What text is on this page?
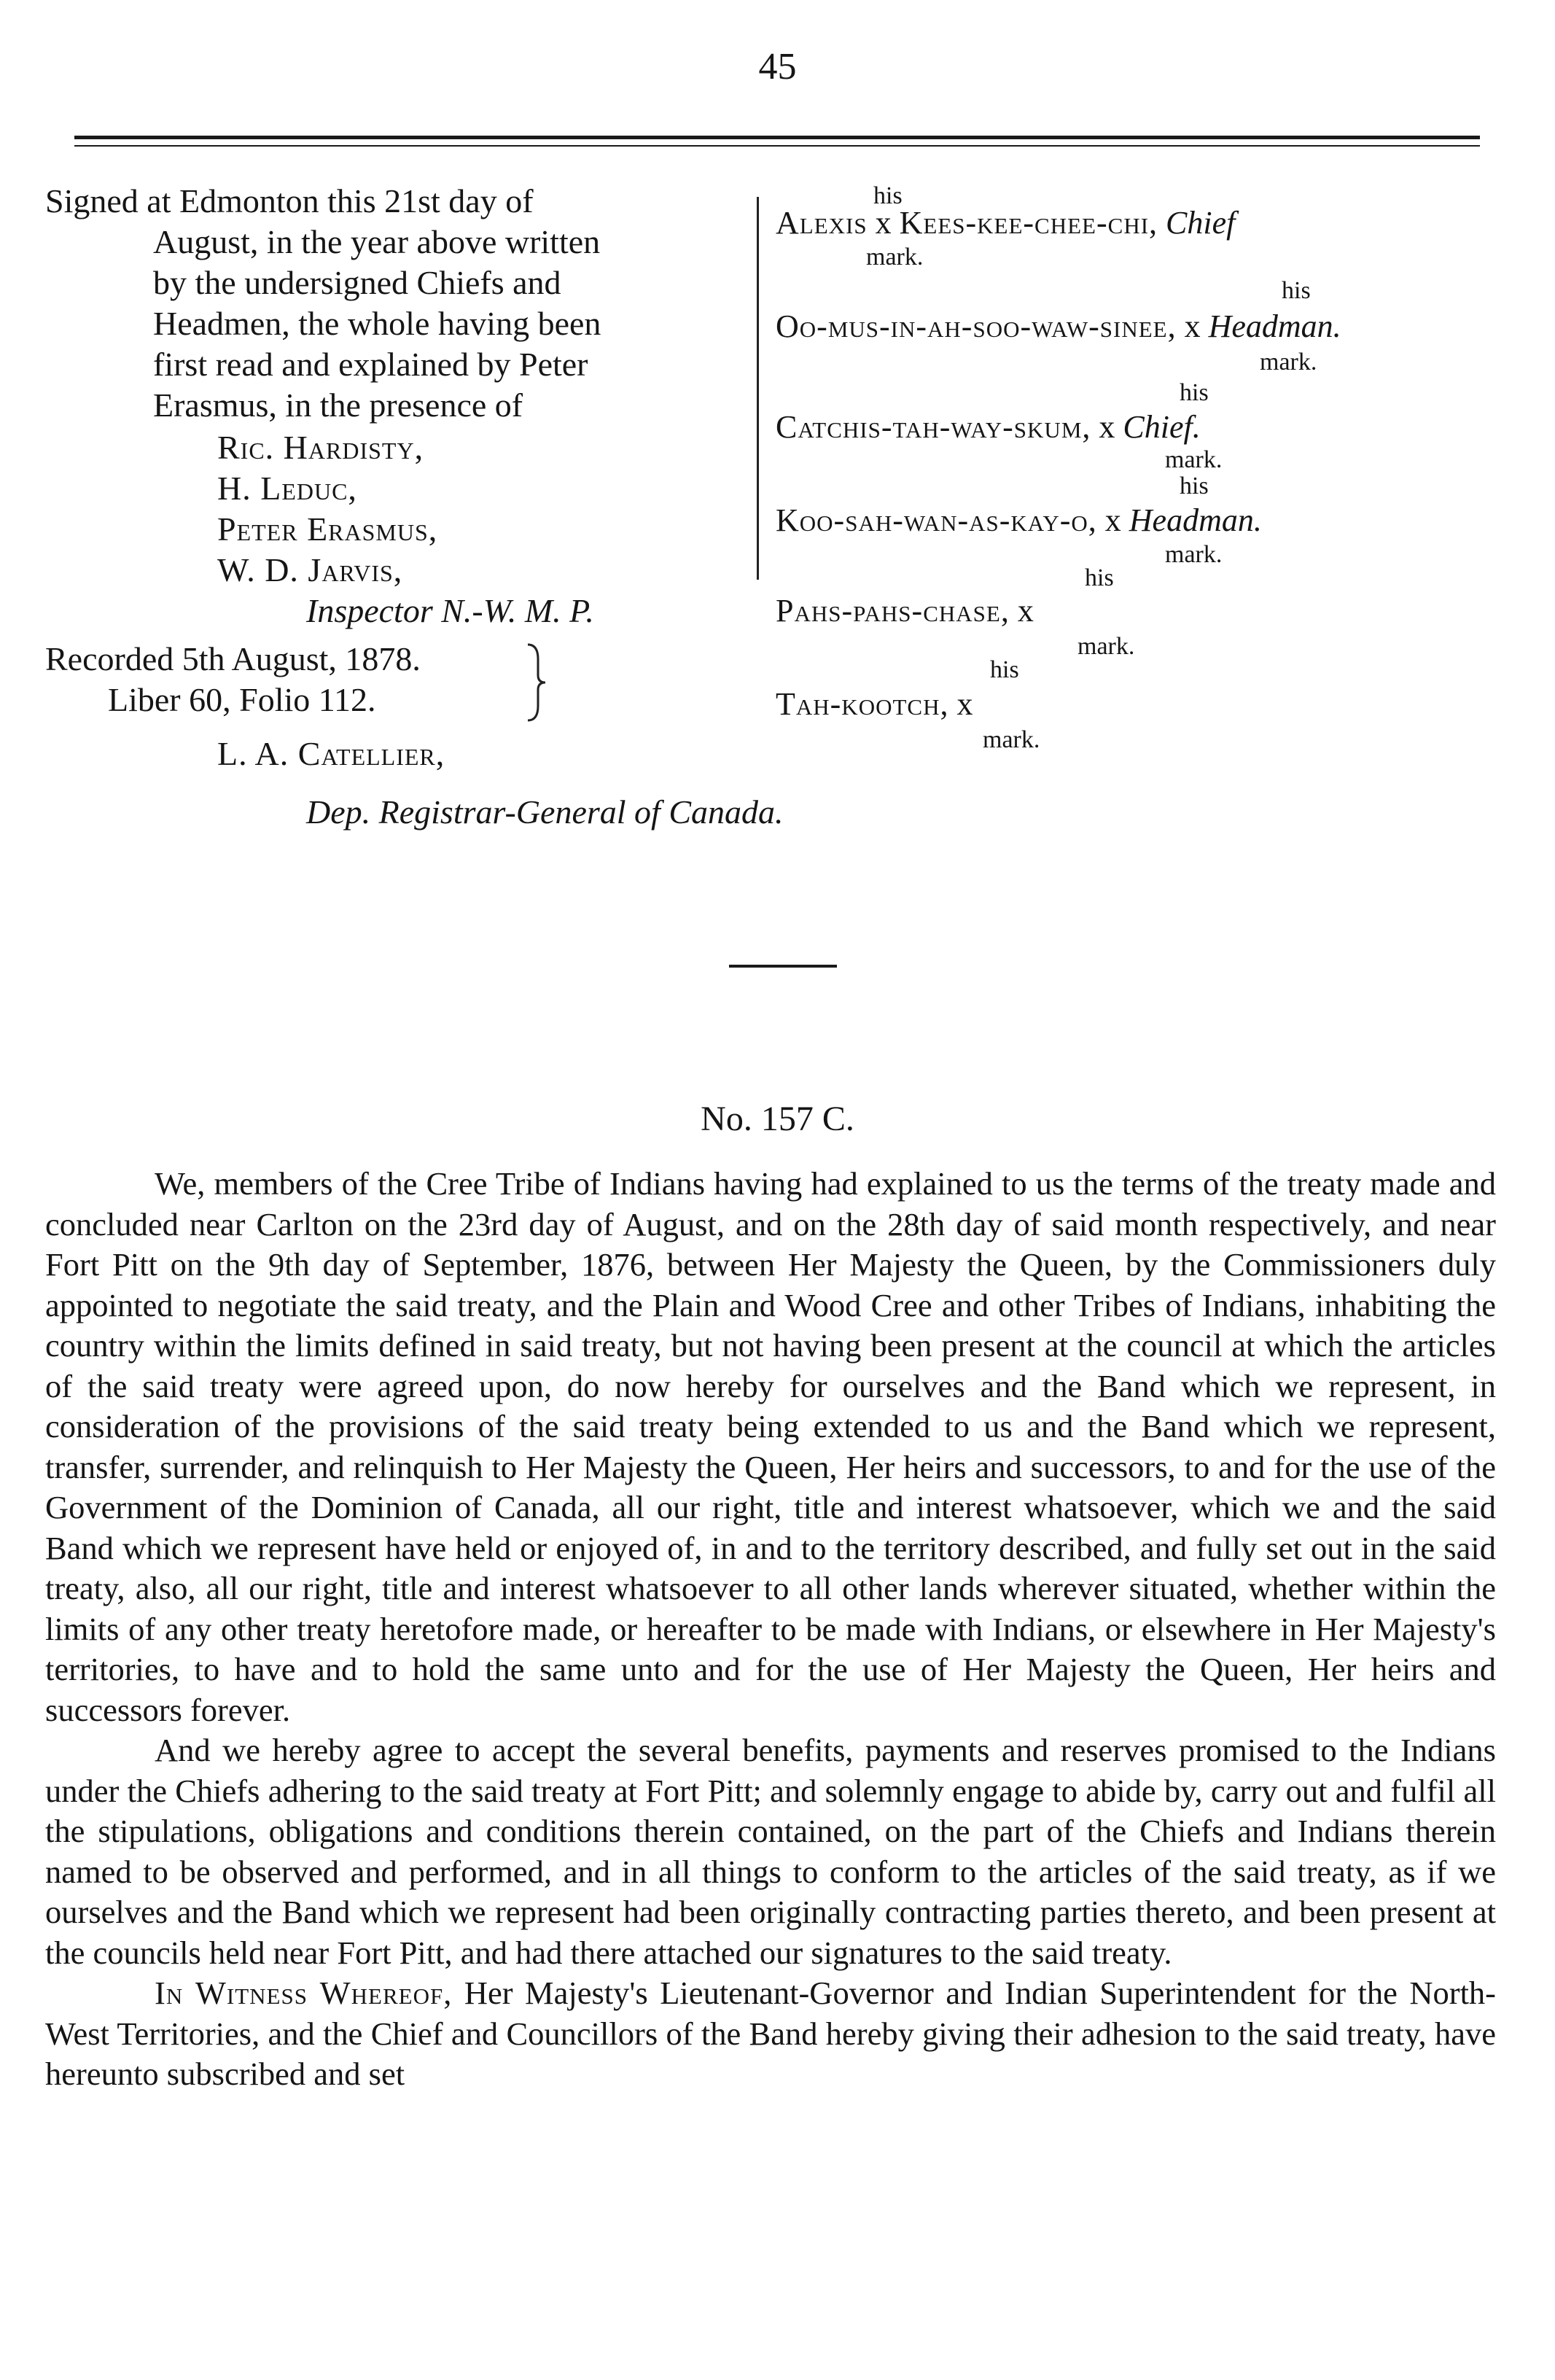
45
Signed at Edmonton this 21st day of
August, in the year above written
by the undersigned Chiefs and
Headmen, the whole having been
first read and explained by Peter
Erasmus, in the presence of
Ric. Hardisty,
H. Leduc,
Peter Erasmus,
W. D. Jarvis,
Inspector N.-W. M. P.
Recorded 5th August, 1878.
Liber 60, Folio 112.
L. A. Catellier,
Dep. Registrar-General of Canada.
his
Alexis x Kees-kee-chee-chi, Chief
mark.
his
Oo-mus-in-ah-soo-waw-sinee, x Headman.
mark.
his
Catchis-tah-way-skum, x Chief.
mark.
his
Koo-sah-wan-as-kay-o, x Headman.
mark.
his
Pahs-pahs-chase, x
mark.
his
Tah-kootch, x
mark.
No. 157 C.

We, members of the Cree Tribe of Indians having had explained to us the terms of the treaty made and concluded near Carlton on the 23rd day of August, and on the 28th day of said month respectively, and near Fort Pitt on the 9th day of September, 1876, between Her Majesty the Queen, by the Commissioners duly appointed to negotiate the said treaty, and the Plain and Wood Cree and other Tribes of Indians, inhabiting the country within the limits defined in said treaty, but not having been present at the council at which the articles of the said treaty were agreed upon, do now hereby for ourselves and the Band which we represent, in consideration of the provisions of the said treaty being extended to us and the Band which we represent, transfer, surrender, and relinquish to Her Majesty the Queen, Her heirs and successors, to and for the use of the Government of the Dominion of Canada, all our right, title and interest whatsoever, which we and the said Band which we represent have held or enjoyed of, in and to the territory described, and fully set out in the said treaty, also, all our right, title and interest whatsoever to all other lands wherever situated, whether within the limits of any other treaty heretofore made, or hereafter to be made with Indians, or elsewhere in Her Majesty's territories, to have and to hold the same unto and for the use of Her Majesty the Queen, Her heirs and successors forever.

And we hereby agree to accept the several benefits, payments and reserves promised to the Indians under the Chiefs adhering to the said treaty at Fort Pitt; and solemnly engage to abide by, carry out and fulfil all the stipulations, obligations and conditions therein contained, on the part of the Chiefs and Indians therein named to be observed and performed, and in all things to conform to the articles of the said treaty, as if we ourselves and the Band which we represent had been originally contracting parties thereto, and been present at the councils held near Fort Pitt, and had there attached our signatures to the said treaty.

In Witness Whereof, Her Majesty's Lieutenant-Governor and Indian Superintendent for the North-West Territories, and the Chief and Councillors of the Band hereby giving their adhesion to the said treaty, have hereunto subscribed and set
